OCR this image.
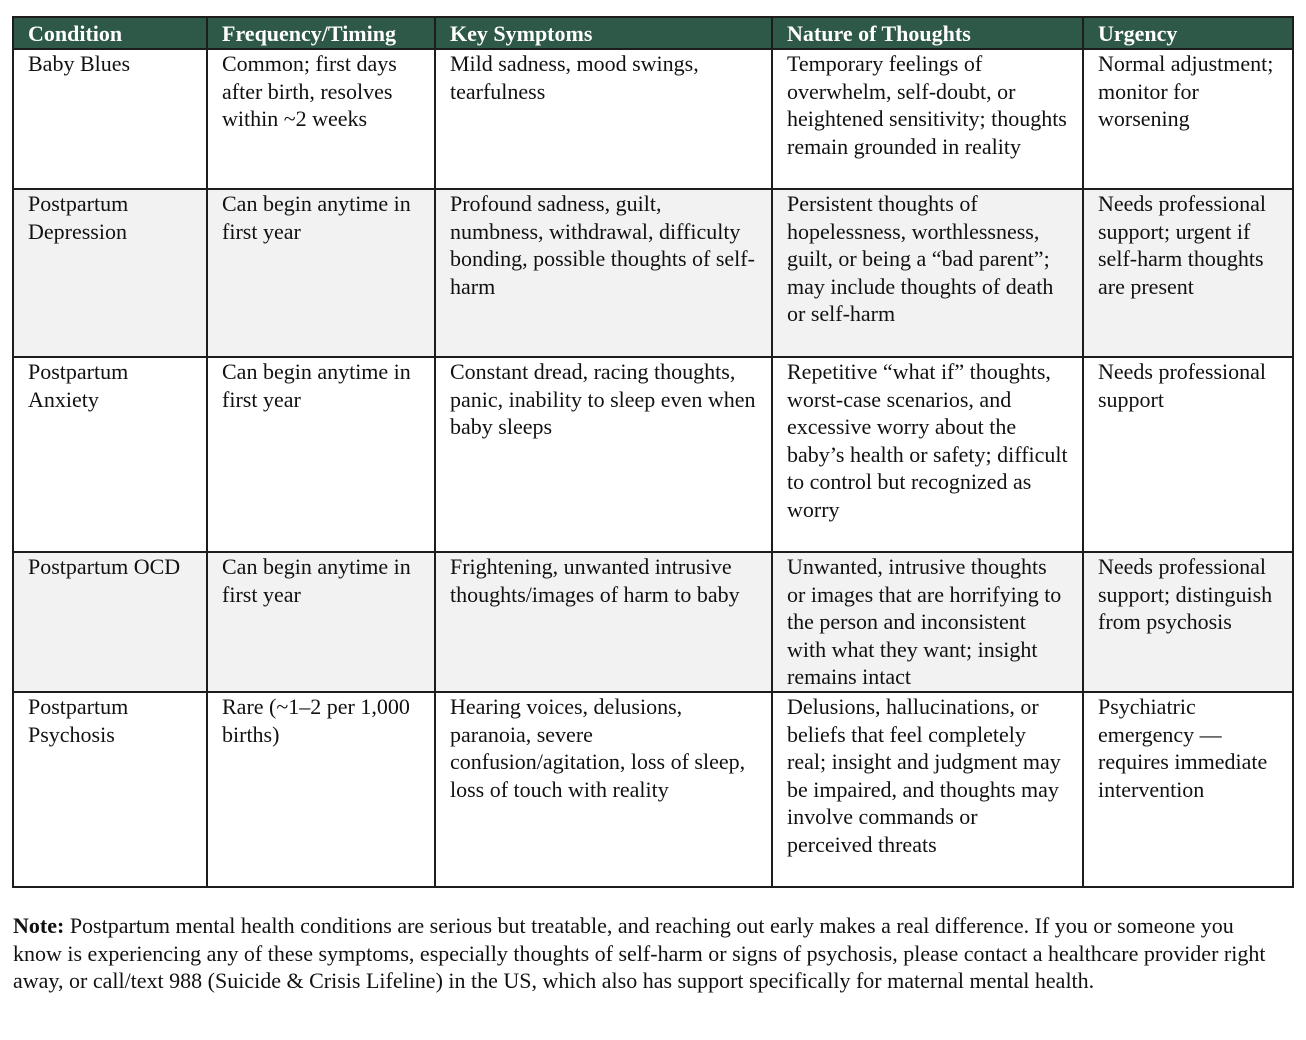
Condition	Frequency/Timing	Key Symptoms	Nature of Thoughts	Urgency
Baby Blues	Common; first days after birth, resolves within ~2 weeks	Mild sadness, mood swings, tearfulness	Temporary feelings of overwhelm, self-doubt, or heightened sensitivity; thoughts remain grounded in reality	Normal adjustment; monitor for worsening
Postpartum Depression	Can begin anytime in first year	Profound sadness, guilt, numbness, withdrawal, difficulty bonding, possible thoughts of self-harm	Persistent thoughts of hopelessness, worthlessness, guilt, or being a “bad parent”; may include thoughts of death or self-harm	Needs professional support; urgent if self-harm thoughts are present
Postpartum Anxiety	Can begin anytime in first year	Constant dread, racing thoughts, panic, inability to sleep even when baby sleeps	Repetitive “what if” thoughts, worst-case scenarios, and excessive worry about the baby’s health or safety; difficult to control but recognized as worry	Needs professional support
Postpartum OCD	Can begin anytime in first year	Frightening, unwanted intrusive thoughts/images of harm to baby	Unwanted, intrusive thoughts or images that are horrifying to the person and inconsistent with what they want; insight remains intact	Needs professional support; distinguish from psychosis
Postpartum Psychosis	Rare (~1–2 per 1,000 births)	Hearing voices, delusions, paranoia, severe confusion/agitation, loss of sleep, loss of touch with reality	Delusions, hallucinations, or beliefs that feel completely real; insight and judgment may be impaired, and thoughts may involve commands or perceived threats	Psychiatric emergency — requires immediate intervention

Note: Postpartum mental health conditions are serious but treatable, and reaching out early makes a real difference. If you or someone you know is experiencing any of these symptoms, especially thoughts of self-harm or signs of psychosis, please contact a healthcare provider right away, or call/text 988 (Suicide & Crisis Lifeline) in the US, which also has support specifically for maternal mental health.
